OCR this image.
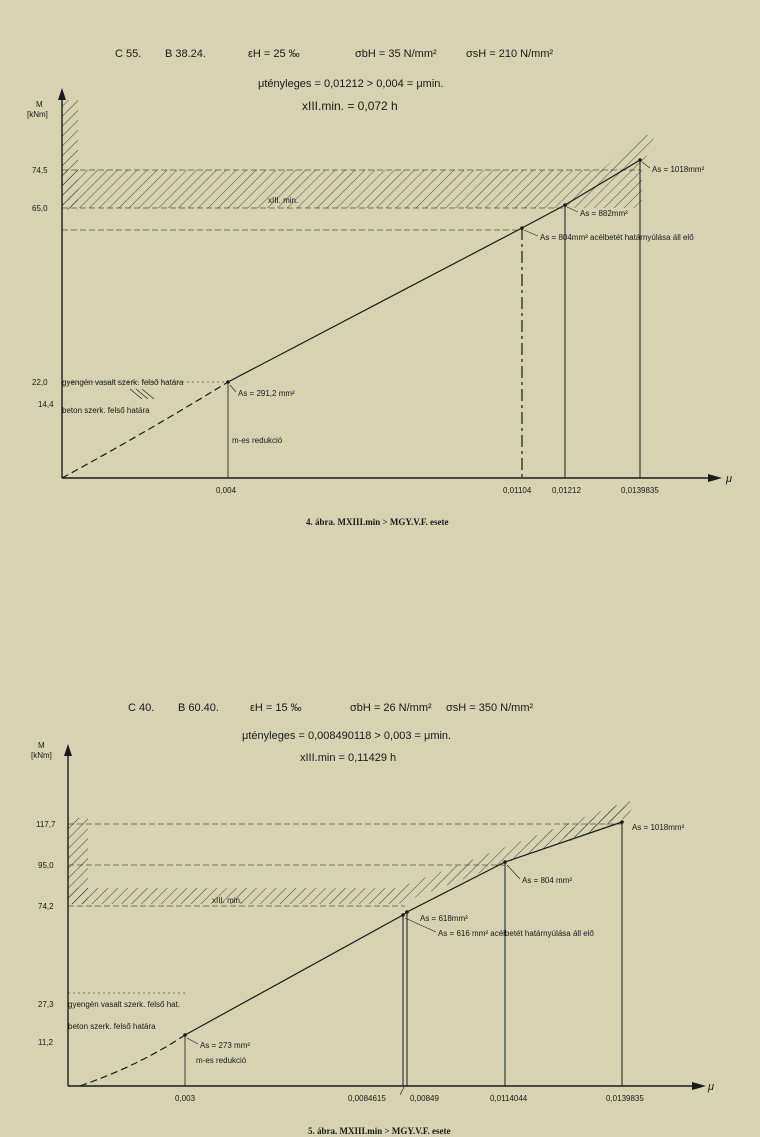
C 55. B 38.24.	εH = 25 ‰	σbH = 35 N/mm²	σsH = 210 N/mm²
μtényleges = 0,01212 > 0,004 = μmin.
xIII.min. = 0,072 h
M
[kNm]
μ
74,5
65,0
22,0
14,4
0,004	0,01104	0,01212	0,0139835
As = 291,2 mm²
As = 804mm² acélbetét határnyúlása áll elő
As = 882mm²
As = 1018mm²
xIII. min.
gyengén vasalt szerk. felső határa
beton szerk. felső határa
m-es redukció
4. ábra. MXIII.min > MGY.V.F. esete
C 40. B 60.40.	εH = 15 ‰	σbH = 26 N/mm² σsH = 350 N/mm²
μtényleges = 0,008490118 > 0,003 = μmin.
xIII.min = 0,11429 h
M
[kNm]
μ
117,7
95,0
74,2
27,3
11,2
0,003	0,0084615	0,00849	0,0114044	0,0139835
As = 273 mm²
As = 616 mm² acélbetét határnyúlása áll elő
As = 618mm²
As = 804 mm²
As = 1018mm²
xIII. min.
gyengén vasalt szerk. felső hat.
beton szerk. felső határa
m-es redukció
5. ábra. MXIII.min > MGY.V.F. esete
